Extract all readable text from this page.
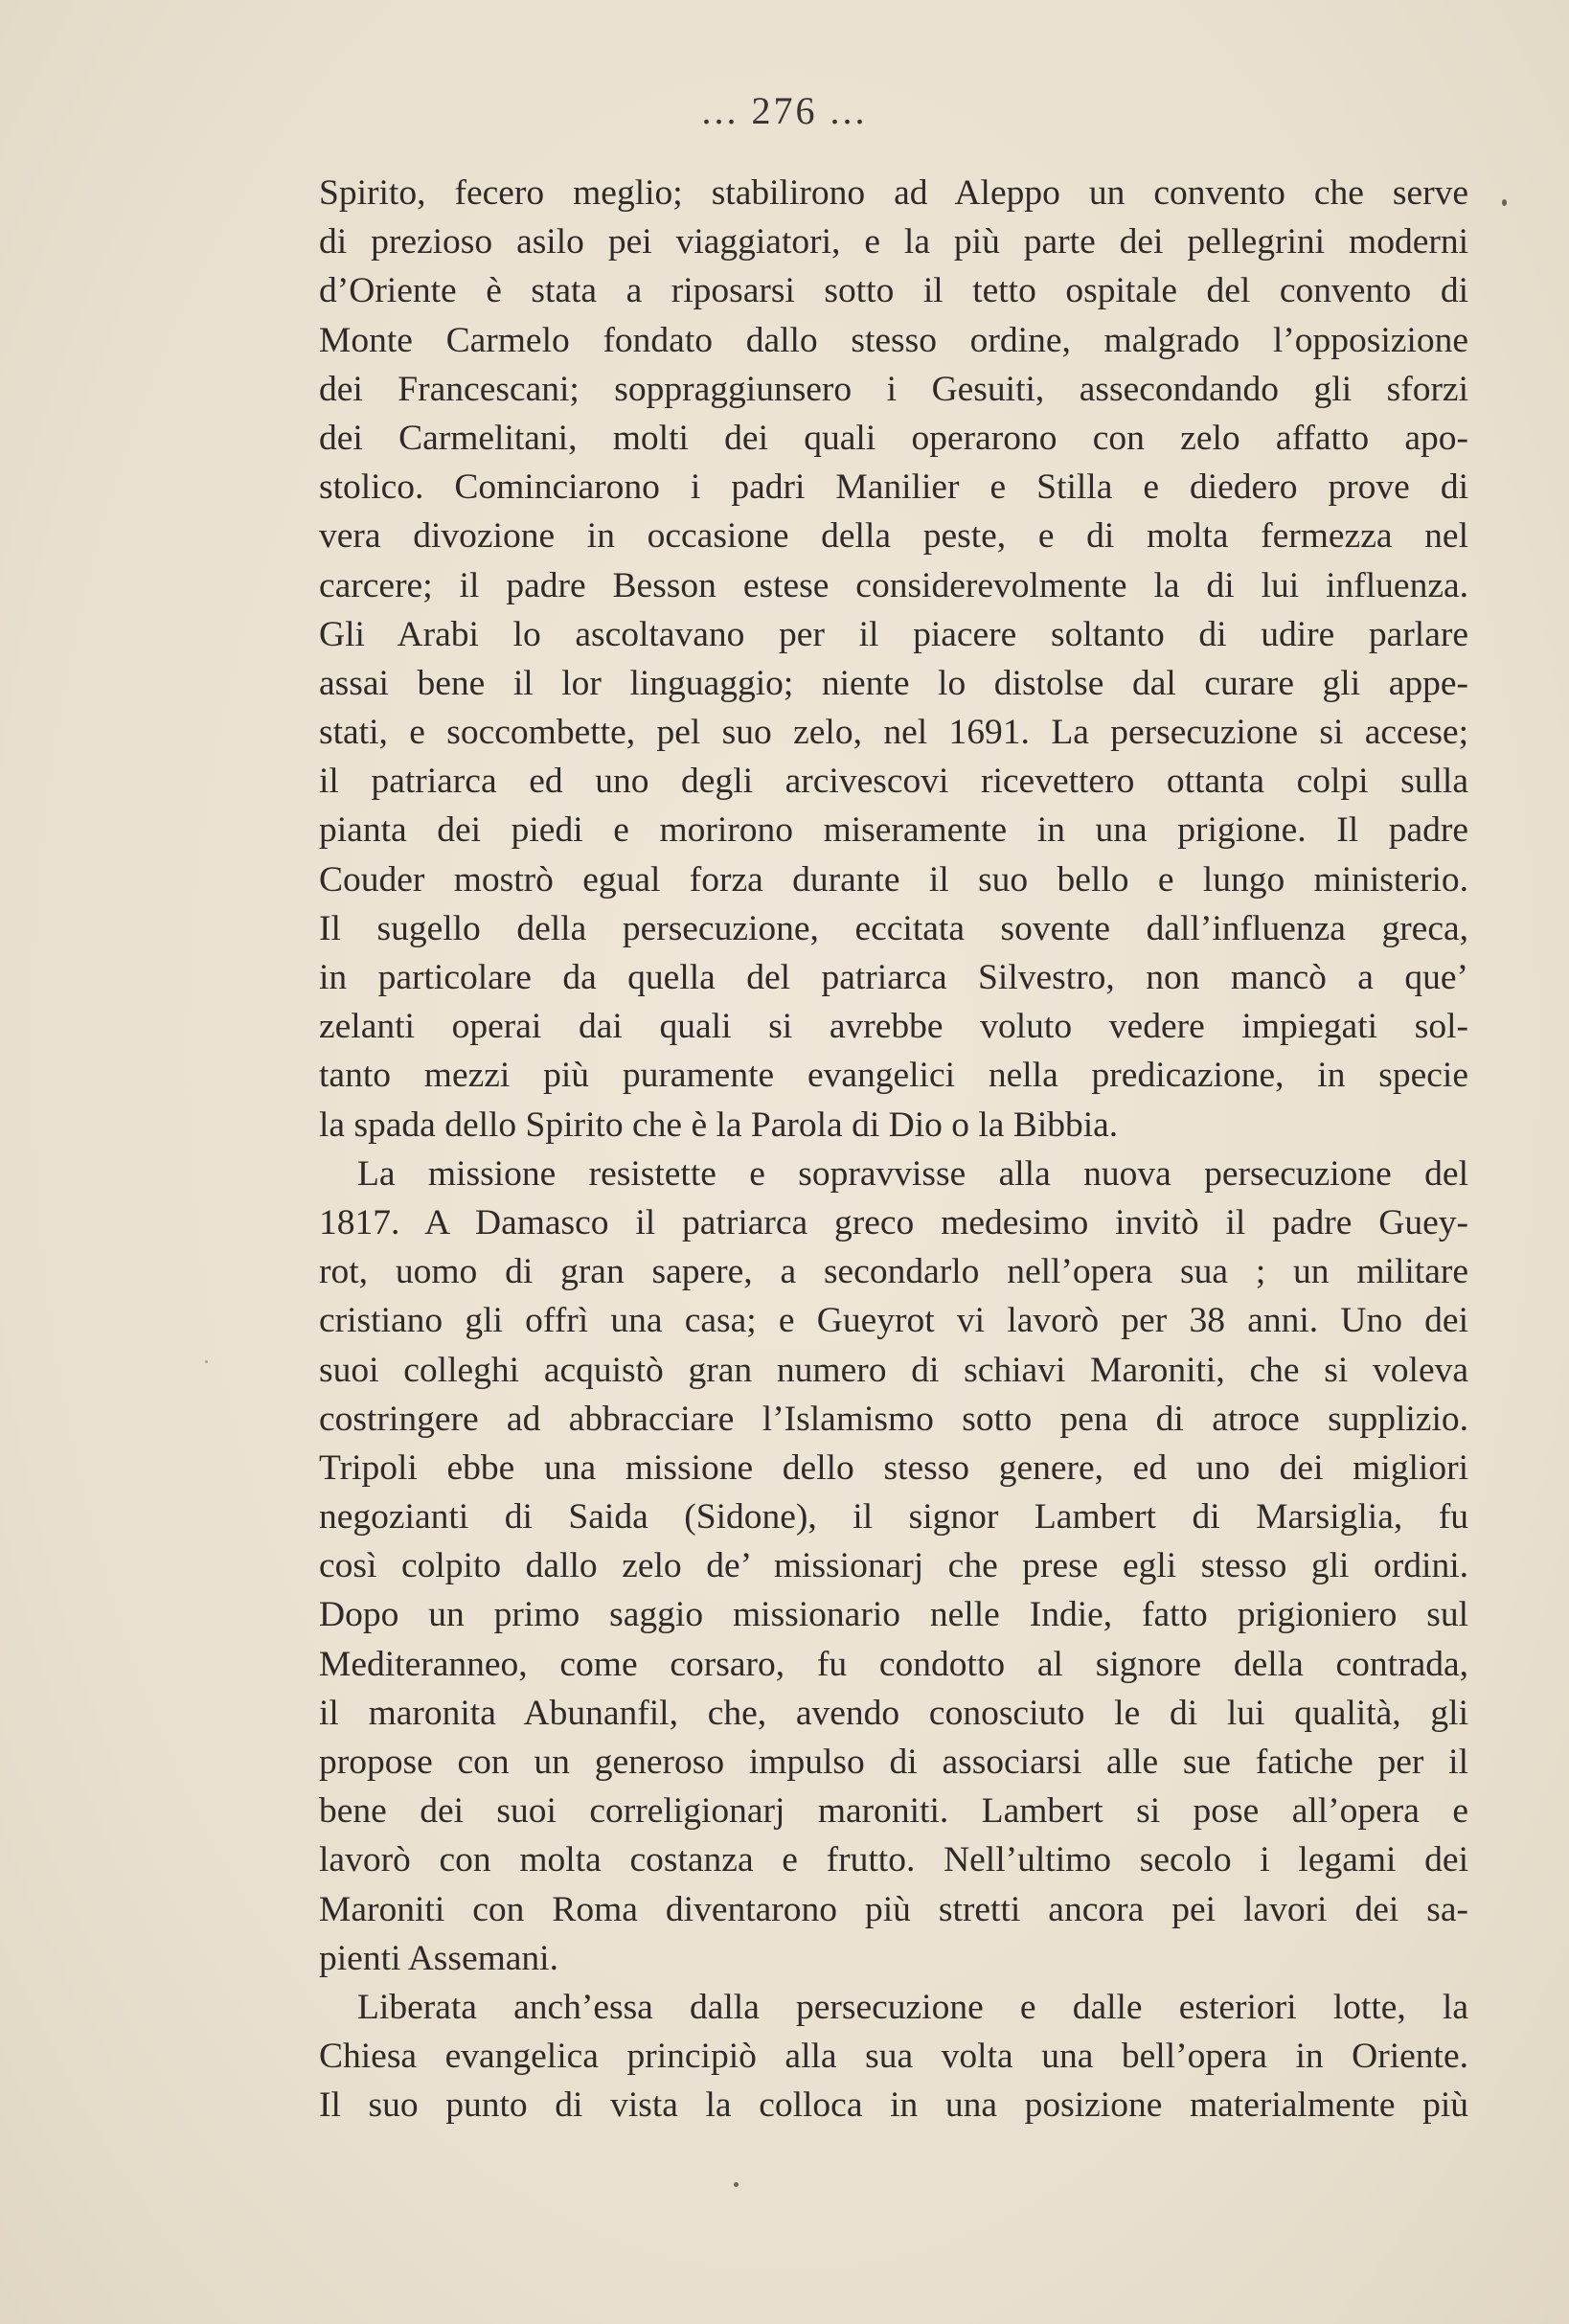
... 276 ...
Spirito, fecero meglio; stabilirono ad Aleppo un convento che serve
di prezioso asilo pei viaggiatori, e la più parte dei pellegrini moderni
d’Oriente è stata a riposarsi sotto il tetto ospitale del convento di
Monte Carmelo fondato dallo stesso ordine, malgrado l’opposizione
dei Francescani; soppraggiunsero i Gesuiti, assecondando gli sforzi
dei Carmelitani, molti dei quali operarono con zelo affatto apo-
stolico. Cominciarono i padri Manilier e Stilla e diedero prove di
vera divozione in occasione della peste, e di molta fermezza nel
carcere; il padre Besson estese considerevolmente la di lui influenza.
Gli Arabi lo ascoltavano per il piacere soltanto di udire parlare
assai bene il lor linguaggio; niente lo distolse dal curare gli appe-
stati, e soccombette, pel suo zelo, nel 1691. La persecuzione si accese;
il patriarca ed uno degli arcivescovi ricevettero ottanta colpi sulla
pianta dei piedi e morirono miseramente in una prigione. Il padre
Couder mostrò egual forza durante il suo bello e lungo ministerio.
Il sugello della persecuzione, eccitata sovente dall’influenza greca,
in particolare da quella del patriarca Silvestro, non mancò a que’
zelanti operai dai quali si avrebbe voluto vedere impiegati sol-
tanto mezzi più puramente evangelici nella predicazione, in specie
la spada dello Spirito che è la Parola di Dio o la Bibbia.
La missione resistette e sopravvisse alla nuova persecuzione del
1817. A Damasco il patriarca greco medesimo invitò il padre Guey-
rot, uomo di gran sapere, a secondarlo nell’opera sua ; un militare
cristiano gli offrì una casa; e Gueyrot vi lavorò per 38 anni. Uno dei
suoi colleghi acquistò gran numero di schiavi Maroniti, che si voleva
costringere ad abbracciare l’Islamismo sotto pena di atroce supplizio.
Tripoli ebbe una missione dello stesso genere, ed uno dei migliori
negozianti di Saida (Sidone), il signor Lambert di Marsiglia, fu
così colpito dallo zelo de’ missionarj che prese egli stesso gli ordini.
Dopo un primo saggio missionario nelle Indie, fatto prigioniero sul
Mediteranneo, come corsaro, fu condotto al signore della contrada,
il maronita Abunanfil, che, avendo conosciuto le di lui qualità, gli
propose con un generoso impulso di associarsi alle sue fatiche per il
bene dei suoi correligionarj maroniti. Lambert si pose all’opera e
lavorò con molta costanza e frutto. Nell’ultimo secolo i legami dei
Maroniti con Roma diventarono più stretti ancora pei lavori dei sa-
pienti Assemani.
Liberata anch’essa dalla persecuzione e dalle esteriori lotte, la
Chiesa evangelica principiò alla sua volta una bell’opera in Oriente.
Il suo punto di vista la colloca in una posizione materialmente più
